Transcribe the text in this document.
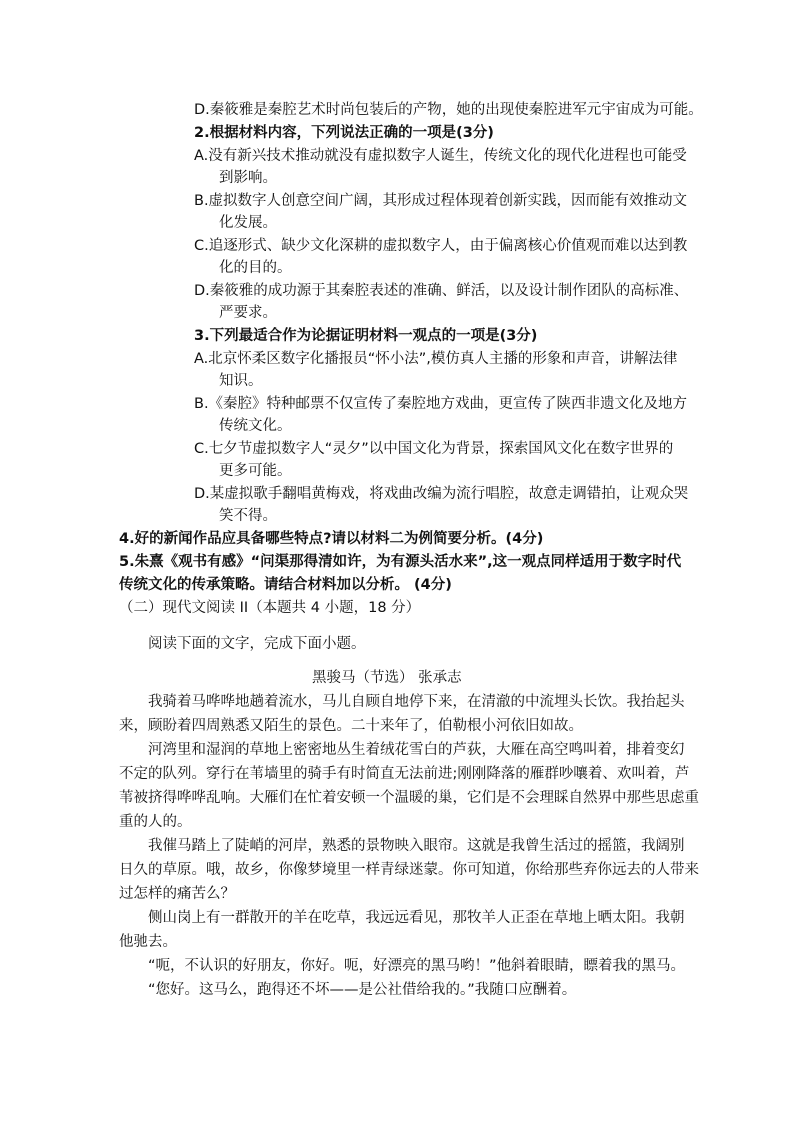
D.秦筱雅是秦腔艺术时尚包装后的产物，她的出现使秦腔进军元宇宙成为可能。
2.根据材料内容，下列说法正确的一项是(3分)
A.没有新兴技术推动就没有虚拟数字人诞生，传统文化的现代化进程也可能受
到影响。
B.虚拟数字人创意空间广阔，其形成过程体现着创新实践，因而能有效推动文
化发展。
C.追逐形式、缺少文化深耕的虚拟数字人，由于偏离核心价值观而难以达到教
化的目的。
D.秦筱雅的成功源于其秦腔表述的准确、鲜活，以及设计制作团队的高标准、
严要求。
3.下列最适合作为论据证明材料一观点的一项是(3分)
A.北京怀柔区数字化播报员“怀小法”,模仿真人主播的形象和声音，讲解法律
知识。
B.《秦腔》特种邮票不仅宣传了秦腔地方戏曲，更宣传了陕西非遗文化及地方
传统文化。
C.七夕节虚拟数字人“灵夕”以中国文化为背景，探索国风文化在数字世界的
更多可能。
D.某虚拟歌手翻唱黄梅戏，将戏曲改编为流行唱腔，故意走调错拍，让观众哭
笑不得。
4.好的新闻作品应具备哪些特点?请以材料二为例简要分析。(4分)
5.朱熹《观书有感》“问渠那得清如许，为有源头活水来”,这一观点同样适用于数字时代
传统文化的传承策略。请结合材料加以分析。 (4分)
（二）现代文阅读 II（本题共 4 小题，18 分）
阅读下面的文字，完成下面小题。
黑骏马（节选） 张承志
我骑着马哗哗地趟着流水，马儿自顾自地停下来，在清澈的中流埋头长饮。我抬起头
来，顾盼着四周熟悉又陌生的景色。二十来年了，伯勒根小河依旧如故。
河湾里和湿润的草地上密密地丛生着绒花雪白的芦荻，大雁在高空鸣叫着，排着变幻
不定的队列。穿行在苇墙里的骑手有时简直无法前进;刚刚降落的雁群吵嚷着、欢叫着，芦
苇被挤得哗哗乱响。大雁们在忙着安顿一个温暖的巢，它们是不会理睬自然界中那些思虑重
重的人的。
我催马踏上了陡峭的河岸，熟悉的景物映入眼帘。这就是我曾生活过的摇篮，我阔别
日久的草原。哦，故乡，你像梦境里一样青绿迷蒙。你可知道，你给那些弃你远去的人带来
过怎样的痛苦么？
侧山岗上有一群散开的羊在吃草，我远远看见，那牧羊人正歪在草地上晒太阳。我朝
他驰去。
“呃，不认识的好朋友，你好。呃，好漂亮的黑马哟！”他斜着眼睛，瞟着我的黑马。
“您好。这马么，跑得还不坏——是公社借给我的。”我随口应酬着。
